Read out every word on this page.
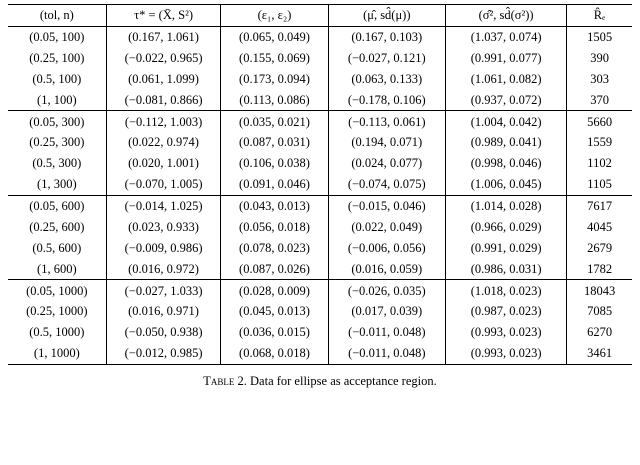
(tol, n)	τ* = (X̄, S²)	(ε₁, ε₂)	(μ̂, sd̂(μ))	(σ̂², sd̂(σ²))	R̂ₑ
(0.05, 100)	(0.167, 1.061)	(0.065, 0.049)	(0.167, 0.103)	(1.037, 0.074)	1505
(0.25, 100)	(−0.022, 0.965)	(0.155, 0.069)	(−0.027, 0.121)	(0.991, 0.077)	390
(0.5, 100)	(0.061, 1.099)	(0.173, 0.094)	(0.063, 0.133)	(1.061, 0.082)	303
(1, 100)	(−0.081, 0.866)	(0.113, 0.086)	(−0.178, 0.106)	(0.937, 0.072)	370
(0.05, 300)	(−0.112, 1.003)	(0.035, 0.021)	(−0.113, 0.061)	(1.004, 0.042)	5660
(0.25, 300)	(0.022, 0.974)	(0.087, 0.031)	(0.194, 0.071)	(0.989, 0.041)	1559
(0.5, 300)	(0.020, 1.001)	(0.106, 0.038)	(0.024, 0.077)	(0.998, 0.046)	1102
(1, 300)	(−0.070, 1.005)	(0.091, 0.046)	(−0.074, 0.075)	(1.006, 0.045)	1105
(0.05, 600)	(−0.014, 1.025)	(0.043, 0.013)	(−0.015, 0.046)	(1.014, 0.028)	7617
(0.25, 600)	(0.023, 0.933)	(0.056, 0.018)	(0.022, 0.049)	(0.966, 0.029)	4045
(0.5, 600)	(−0.009, 0.986)	(0.078, 0.023)	(−0.006, 0.056)	(0.991, 0.029)	2679
(1, 600)	(0.016, 0.972)	(0.087, 0.026)	(0.016, 0.059)	(0.986, 0.031)	1782
(0.05, 1000)	(−0.027, 1.033)	(0.028, 0.009)	(−0.026, 0.035)	(1.018, 0.023)	18043
(0.25, 1000)	(0.016, 0.971)	(0.045, 0.013)	(0.017, 0.039)	(0.987, 0.023)	7085
(0.5, 1000)	(−0.050, 0.938)	(0.036, 0.015)	(−0.011, 0.048)	(0.993, 0.023)	6270
(1, 1000)	(−0.012, 0.985)	(0.068, 0.018)	(−0.011, 0.048)	(0.993, 0.023)	3461
Table 2. Data for ellipse as acceptance region.
